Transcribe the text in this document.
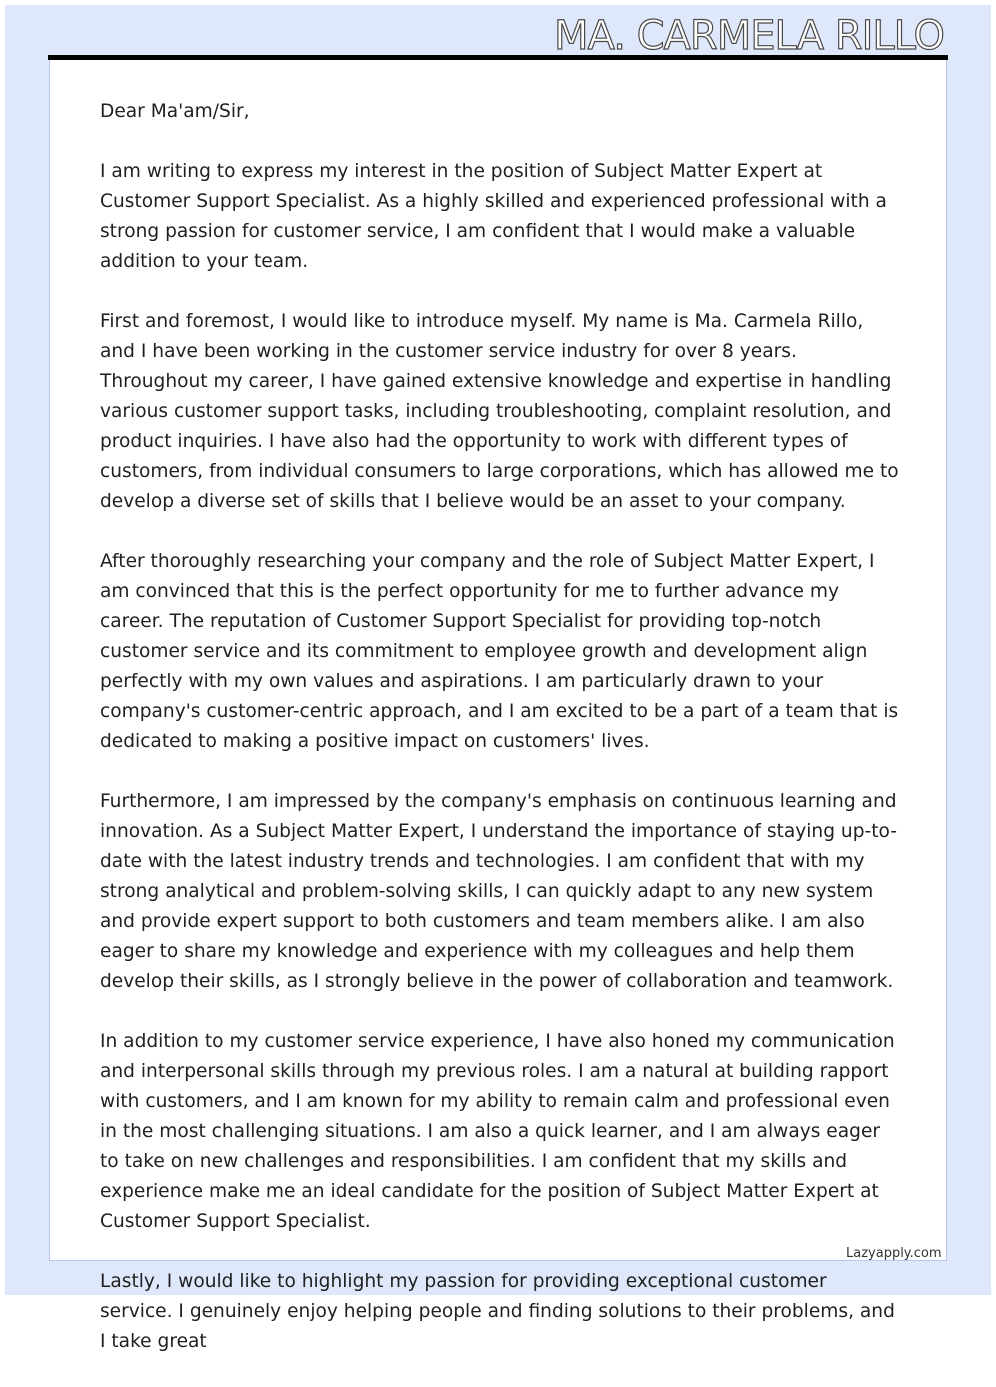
MA. CARMELA RILLO

Dear Ma'am/Sir,

I am writing to express my interest in the position of Subject Matter Expert at Customer Support Specialist. As a highly skilled and experienced professional with a strong passion for customer service, I am confident that I would make a valuable addition to your team.

First and foremost, I would like to introduce myself. My name is Ma. Carmela Rillo, and I have been working in the customer service industry for over 8 years. Throughout my career, I have gained extensive knowledge and expertise in handling various customer support tasks, including troubleshooting, complaint resolution, and product inquiries. I have also had the opportunity to work with different types of customers, from individual consumers to large corporations, which has allowed me to develop a diverse set of skills that I believe would be an asset to your company.

After thoroughly researching your company and the role of Subject Matter Expert, I am convinced that this is the perfect opportunity for me to further advance my career. The reputation of Customer Support Specialist for providing top-notch customer service and its commitment to employee growth and development align perfectly with my own values and aspirations. I am particularly drawn to your company's customer-centric approach, and I am excited to be a part of a team that is dedicated to making a positive impact on customers' lives.

Furthermore, I am impressed by the company's emphasis on continuous learning and innovation. As a Subject Matter Expert, I understand the importance of staying up-to-date with the latest industry trends and technologies. I am confident that with my strong analytical and problem-solving skills, I can quickly adapt to any new system and provide expert support to both customers and team members alike. I am also eager to share my knowledge and experience with my colleagues and help them develop their skills, as I strongly believe in the power of collaboration and teamwork.

In addition to my customer service experience, I have also honed my communication and interpersonal skills through my previous roles. I am a natural at building rapport with customers, and I am known for my ability to remain calm and professional even in the most challenging situations. I am also a quick learner, and I am always eager to take on new challenges and responsibilities. I am confident that my skills and experience make me an ideal candidate for the position of Subject Matter Expert at Customer Support Specialist.

Lastly, I would like to highlight my passion for providing exceptional customer service. I genuinely enjoy helping people and finding solutions to their problems, and I take great

Lazyapply.com
